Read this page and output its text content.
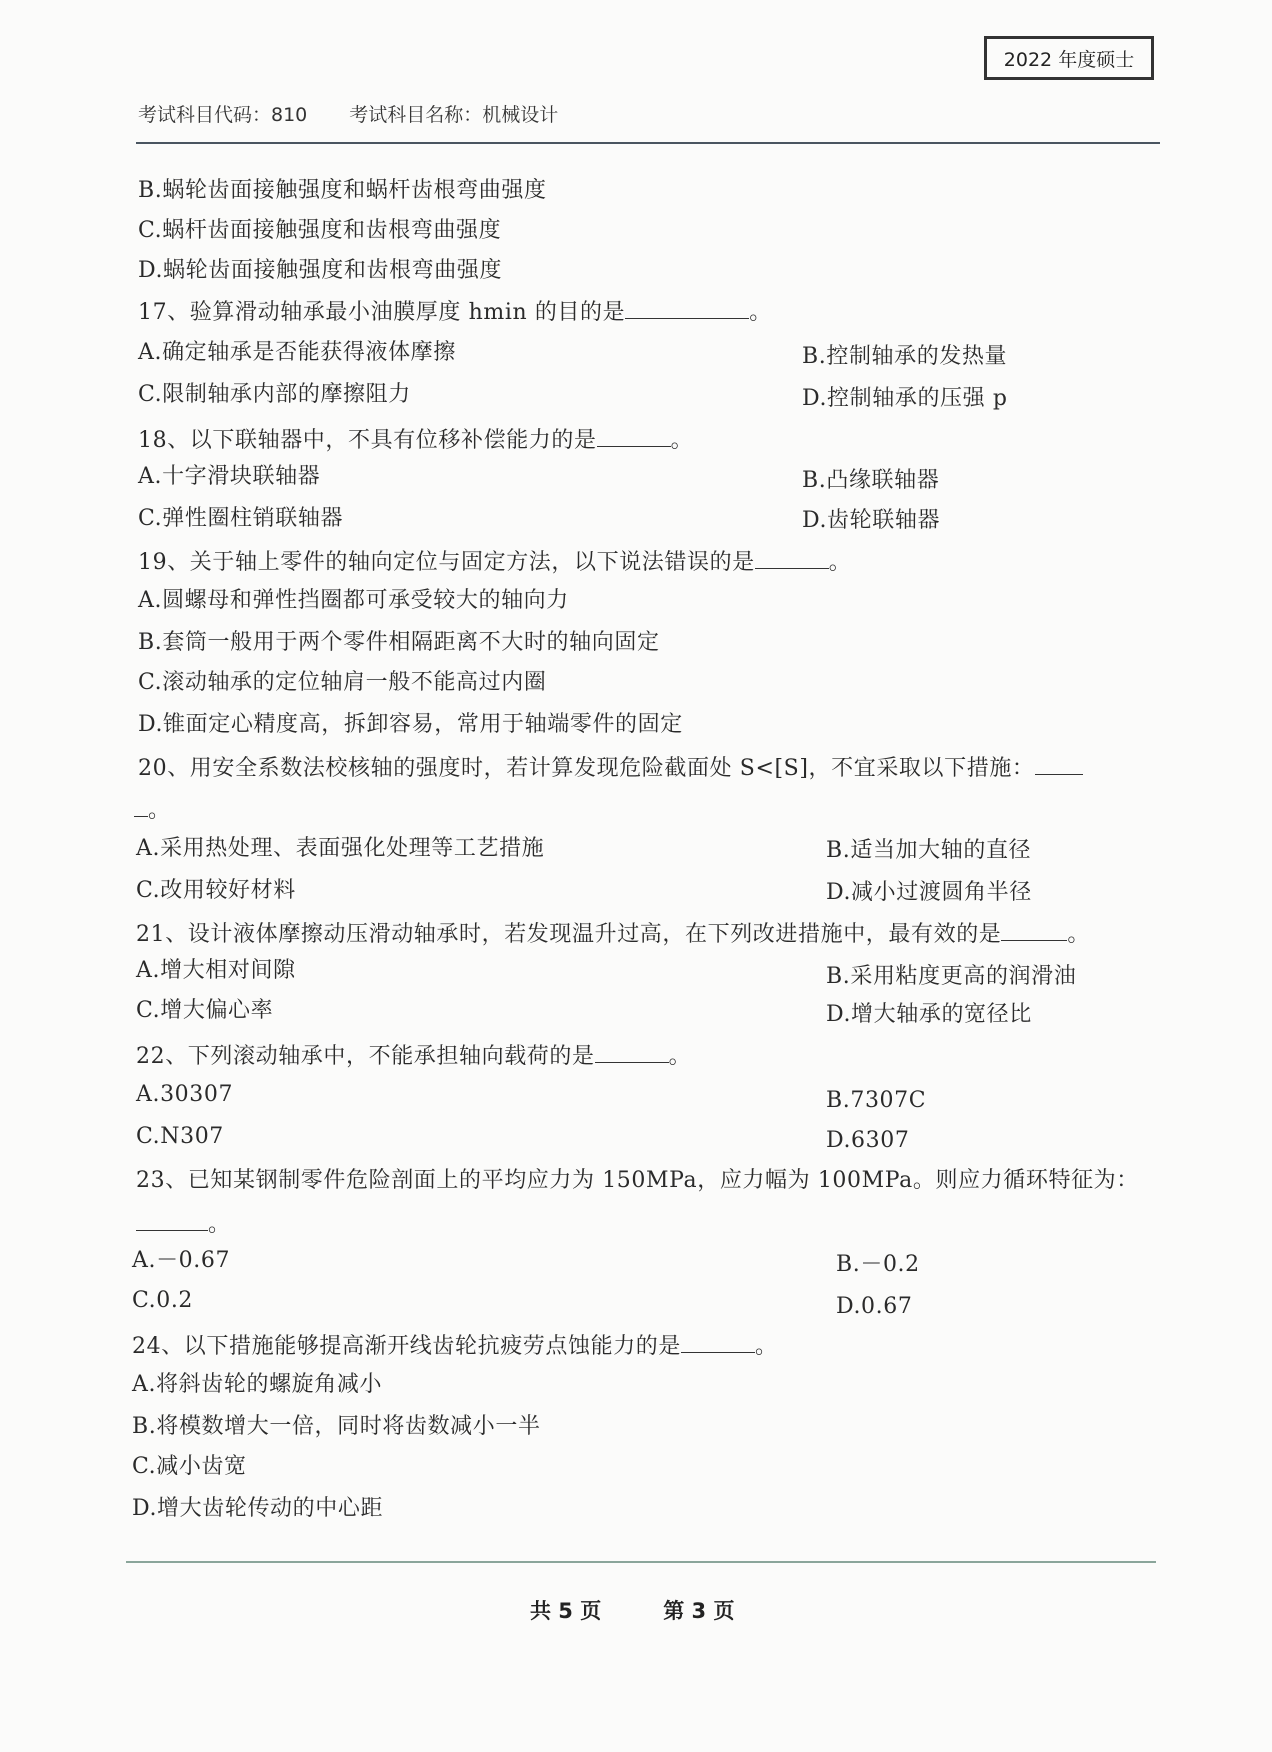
2022 年度硕士
考试科目代码：810 考试科目名称：机械设计
B.蜗轮齿面接触强度和蜗杆齿根弯曲强度
C.蜗杆齿面接触强度和齿根弯曲强度
D.蜗轮齿面接触强度和齿根弯曲强度
17、验算滑动轴承最小油膜厚度 hmin 的目的是	。
A.确定轴承是否能获得液体摩擦	B.控制轴承的发热量
C.限制轴承内部的摩擦阻力	D.控制轴承的压强 p
18、以下联轴器中，不具有位移补偿能力的是	。
A.十字滑块联轴器	B.凸缘联轴器
C.弹性圈柱销联轴器	D.齿轮联轴器
19、关于轴上零件的轴向定位与固定方法，以下说法错误的是	。
A.圆螺母和弹性挡圈都可承受较大的轴向力
B.套筒一般用于两个零件相隔距离不大时的轴向固定
C.滚动轴承的定位轴肩一般不能高过内圈
D.锥面定心精度高，拆卸容易，常用于轴端零件的固定
20、用安全系数法校核轴的强度时，若计算发现危险截面处 S<[S]，不宜采取以下措施：
。
A.采用热处理、表面强化处理等工艺措施	B.适当加大轴的直径
C.改用较好材料	D.减小过渡圆角半径
21、设计液体摩擦动压滑动轴承时，若发现温升过高，在下列改进措施中，最有效的是	。
A.增大相对间隙	B.采用粘度更高的润滑油
C.增大偏心率	D.增大轴承的宽径比
22、下列滚动轴承中，不能承担轴向载荷的是	。
A.30307	B.7307C
C.N307	D.6307
23、已知某钢制零件危险剖面上的平均应力为 150MPa，应力幅为 100MPa。则应力循环特征为：
。
A.－0.67	B.－0.2
C.0.2	D.0.67
24、以下措施能够提高渐开线齿轮抗疲劳点蚀能力的是	。
A.将斜齿轮的螺旋角减小
B.将模数增大一倍，同时将齿数减小一半
C.减小齿宽
D.增大齿轮传动的中心距
共 5 页	第 3 页
